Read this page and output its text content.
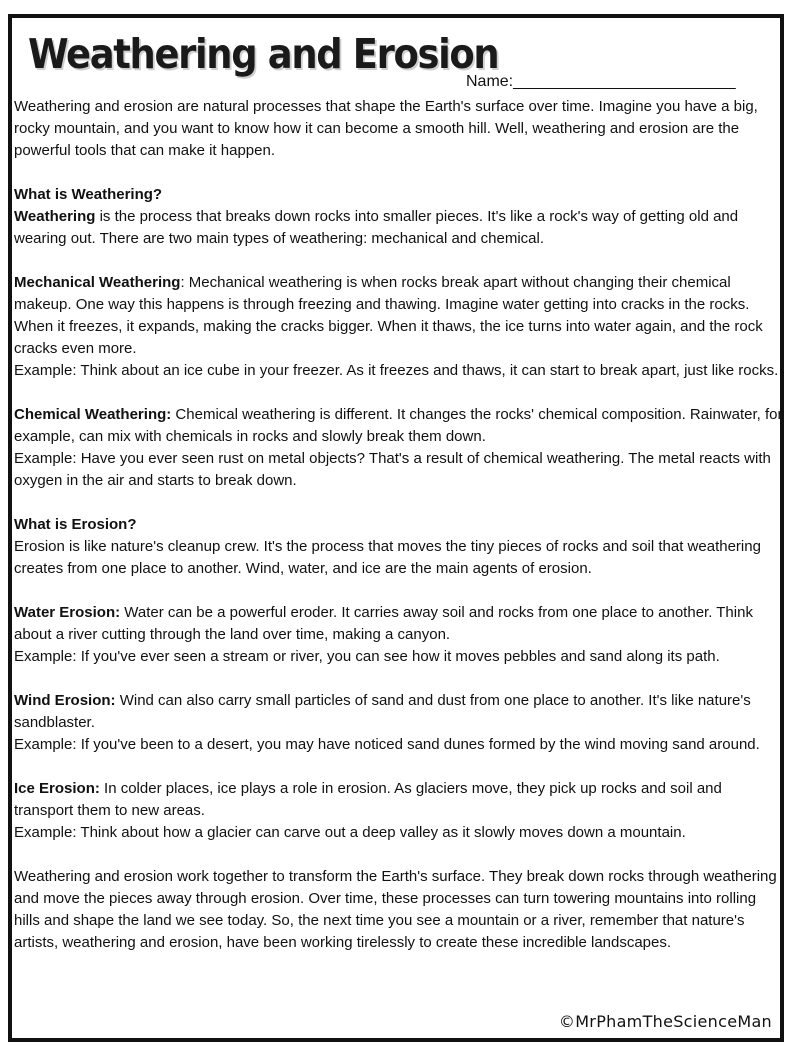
Weathering and Erosion
Name:_________________________

Weathering and erosion are natural processes that shape the Earth's surface over time. Imagine you have a big, rocky mountain, and you want to know how it can become a smooth hill. Well, weathering and erosion are the powerful tools that can make it happen.

What is Weathering?
Weathering is the process that breaks down rocks into smaller pieces. It's like a rock's way of getting old and wearing out. There are two main types of weathering: mechanical and chemical.

Mechanical Weathering: Mechanical weathering is when rocks break apart without changing their chemical makeup. One way this happens is through freezing and thawing. Imagine water getting into cracks in the rocks. When it freezes, it expands, making the cracks bigger. When it thaws, the ice turns into water again, and the rock cracks even more.
Example: Think about an ice cube in your freezer. As it freezes and thaws, it can start to break apart, just like rocks.

Chemical Weathering: Chemical weathering is different. It changes the rocks' chemical composition. Rainwater, for example, can mix with chemicals in rocks and slowly break them down.
Example: Have you ever seen rust on metal objects? That's a result of chemical weathering. The metal reacts with oxygen in the air and starts to break down.

What is Erosion?
Erosion is like nature's cleanup crew. It's the process that moves the tiny pieces of rocks and soil that weathering creates from one place to another. Wind, water, and ice are the main agents of erosion.

Water Erosion: Water can be a powerful eroder. It carries away soil and rocks from one place to another. Think about a river cutting through the land over time, making a canyon.
Example: If you've ever seen a stream or river, you can see how it moves pebbles and sand along its path.

Wind Erosion: Wind can also carry small particles of sand and dust from one place to another. It's like nature's sandblaster.
Example: If you've been to a desert, you may have noticed sand dunes formed by the wind moving sand around.

Ice Erosion: In colder places, ice plays a role in erosion. As glaciers move, they pick up rocks and soil and transport them to new areas.
Example: Think about how a glacier can carve out a deep valley as it slowly moves down a mountain.

Weathering and erosion work together to transform the Earth's surface. They break down rocks through weathering and move the pieces away through erosion. Over time, these processes can turn towering mountains into rolling hills and shape the land we see today. So, the next time you see a mountain or a river, remember that nature's artists, weathering and erosion, have been working tirelessly to create these incredible landscapes.

©MrPhamTheScienceMan
